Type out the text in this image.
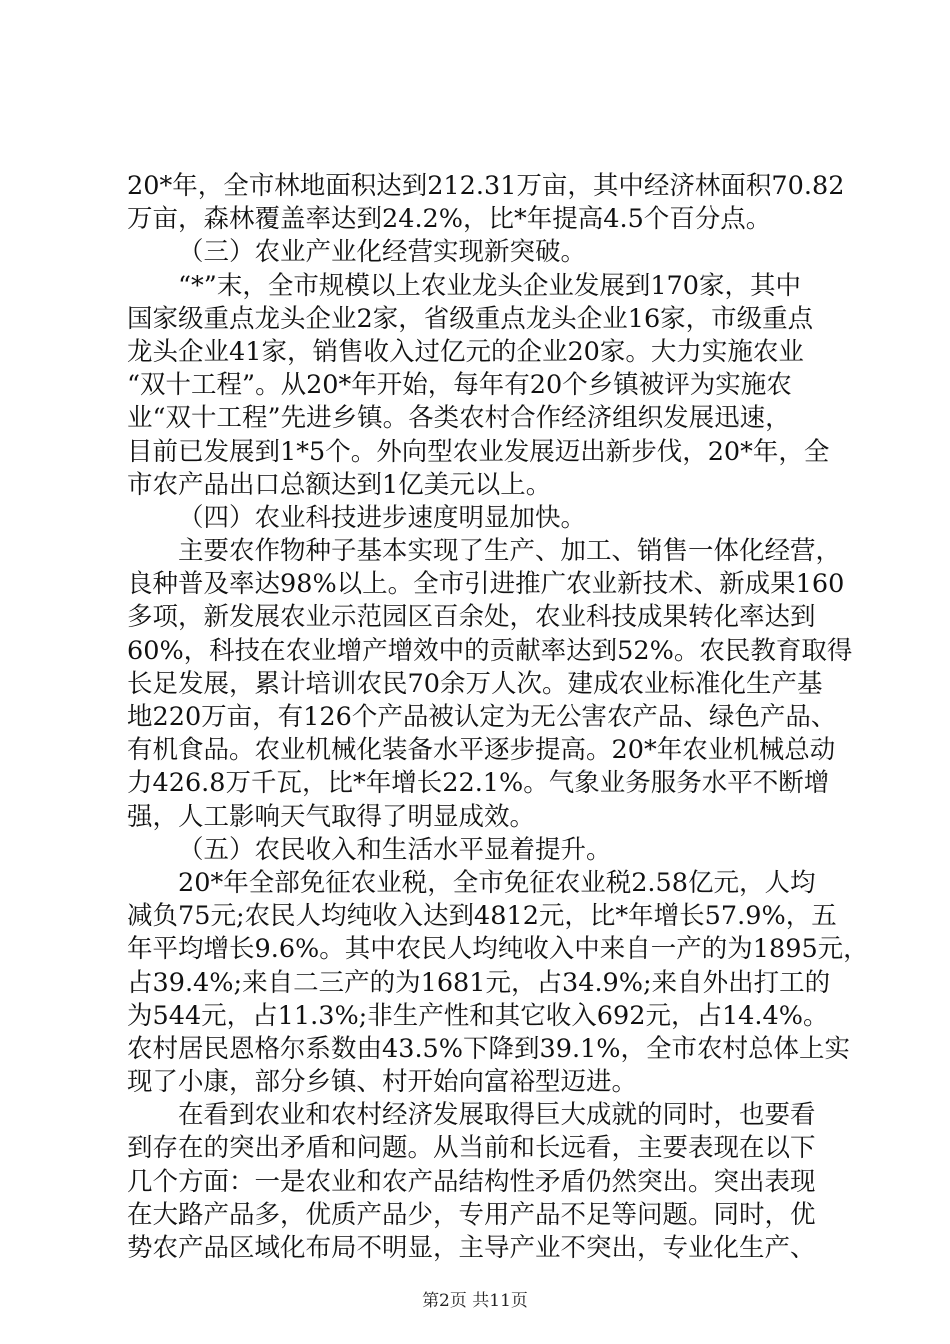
20*年，全市林地面积达到212.31万亩，其中经济林面积70.82
万亩，森林覆盖率达到24.2%，比*年提高4.5个百分点。
（三）农业产业化经营实现新突破。
“*”末，全市规模以上农业龙头企业发展到170家，其中
国家级重点龙头企业2家，省级重点龙头企业16家，市级重点
龙头企业41家，销售收入过亿元的企业20家。大力实施农业
“双十工程”。从20*年开始，每年有20个乡镇被评为实施农
业“双十工程”先进乡镇。各类农村合作经济组织发展迅速，
目前已发展到1*5个。外向型农业发展迈出新步伐，20*年，全
市农产品出口总额达到1亿美元以上。
（四）农业科技进步速度明显加快。
主要农作物种子基本实现了生产、加工、销售一体化经营，
良种普及率达98%以上。全市引进推广农业新技术、新成果160
多项，新发展农业示范园区百余处，农业科技成果转化率达到
60%，科技在农业增产增效中的贡献率达到52%。农民教育取得
长足发展，累计培训农民70余万人次。建成农业标准化生产基
地220万亩，有126个产品被认定为无公害农产品、绿色产品、
有机食品。农业机械化装备水平逐步提高。20*年农业机械总动
力426.8万千瓦，比*年增长22.1%。气象业务服务水平不断增
强，人工影响天气取得了明显成效。
（五）农民收入和生活水平显着提升。
20*年全部免征农业税，全市免征农业税2.58亿元，人均
减负75元;农民人均纯收入达到4812元，比*年增长57.9%，五
年平均增长9.6%。其中农民人均纯收入中来自一产的为1895元，
占39.4%;来自二三产的为1681元，占34.9%;来自外出打工的
为544元，占11.3%;非生产性和其它收入692元，占14.4%。
农村居民恩格尔系数由43.5%下降到39.1%，全市农村总体上实
现了小康，部分乡镇、村开始向富裕型迈进。
在看到农业和农村经济发展取得巨大成就的同时，也要看
到存在的突出矛盾和问题。从当前和长远看，主要表现在以下
几个方面：一是农业和农产品结构性矛盾仍然突出。突出表现
在大路产品多，优质产品少，专用产品不足等问题。同时，优
势农产品区域化布局不明显，主导产业不突出，专业化生产、
第2页 共11页
